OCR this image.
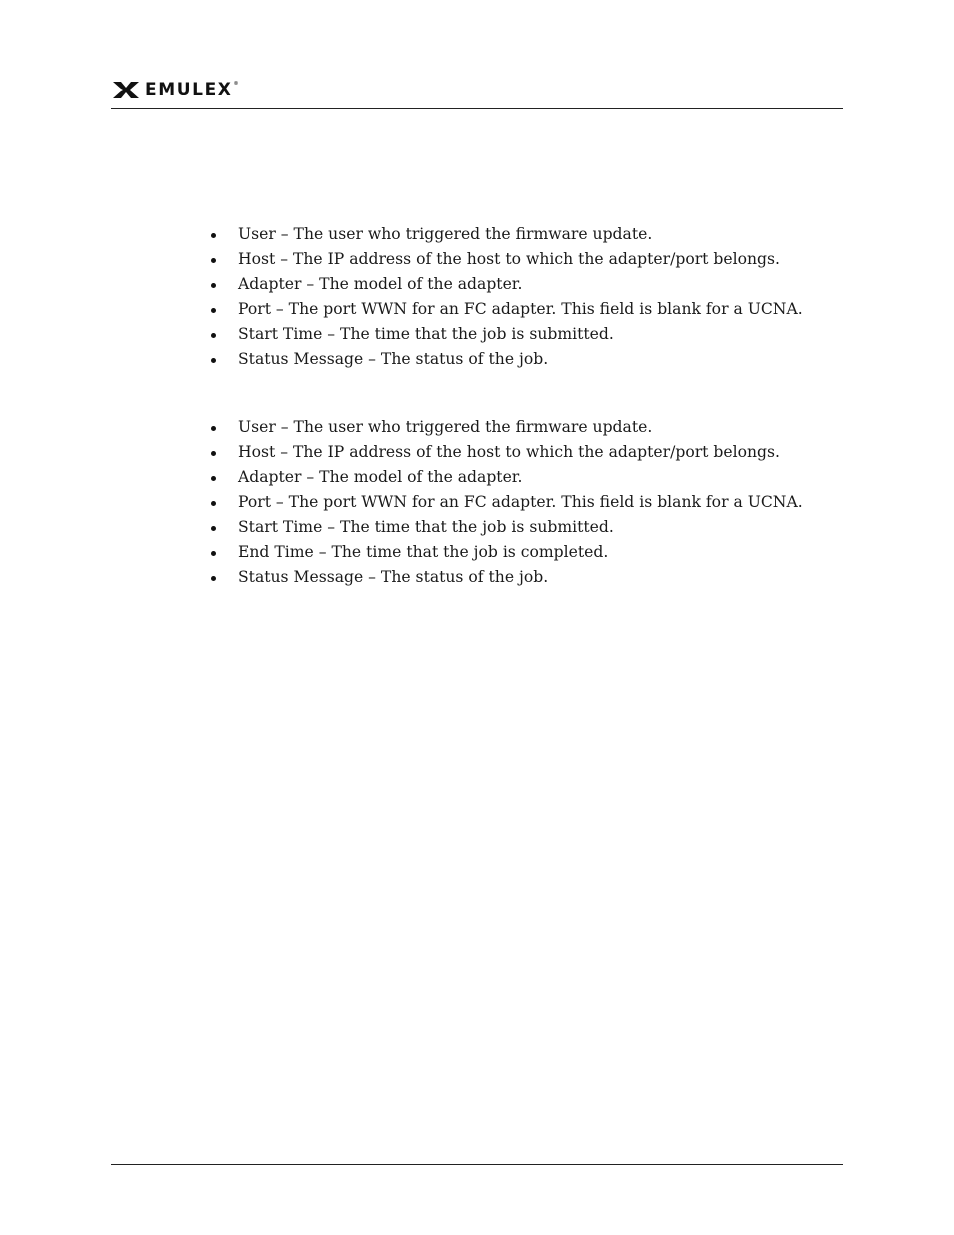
EMULEX®
User – The user who triggered the firmware update.
Host – The IP address of the host to which the adapter/port belongs.
Adapter – The model of the adapter.
Port – The port WWN for an FC adapter. This field is blank for a UCNA.
Start Time – The time that the job is submitted.
Status Message – The status of the job.
User – The user who triggered the firmware update.
Host – The IP address of the host to which the adapter/port belongs.
Adapter – The model of the adapter.
Port – The port WWN for an FC adapter. This field is blank for a UCNA.
Start Time – The time that the job is submitted.
End Time – The time that the job is completed.
Status Message – The status of the job.
